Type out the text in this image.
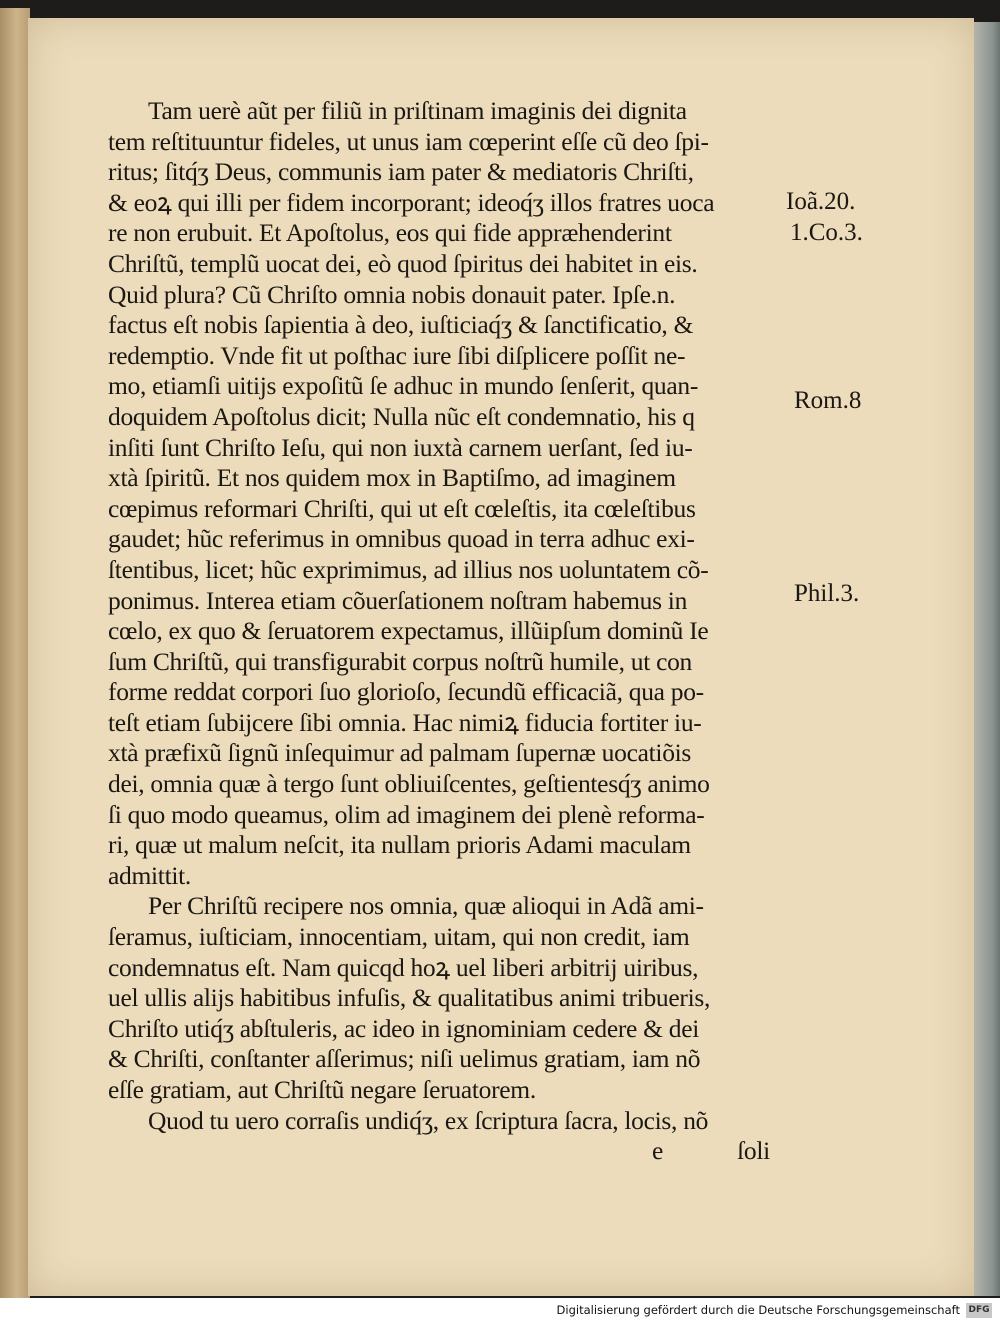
Tam uerè aũt per filiũ in priſtinam imaginis dei dignita
tem reſtituuntur fideles, ut unus iam cœperint eſſe cũ deo ſpi-
ritus; ſitq́ʒ Deus, communis iam pater & mediatoris Chriſti,
& eoꝝ qui illi per fidem incorporant; ideoq́ʒ illos fratres uoca
re non erubuit. Et Apoſtolus, eos qui fide appræhenderint
Chriſtũ, templũ uocat dei, eò quod ſpiritus dei habitet in eis.
Quid plura? Cũ Chriſto omnia nobis donauit pater. Ipſe.n.
factus eſt nobis ſapientia à deo, iuſticiaq́ʒ & ſanctificatio, &
redemptio. Vnde fit ut poſthac iure ſibi diſplicere poſſit ne-
mo, etiamſi uitijs expoſitũ ſe adhuc in mundo ſenſerit, quan-
doquidem Apoſtolus dicit; Nulla nũc eſt condemnatio, his q
inſiti ſunt Chriſto Ieſu, qui non iuxtà carnem uerſant, ſed iu-
xtà ſpiritũ. Et nos quidem mox in Baptiſmo, ad imaginem
cœpimus reformari Chriſti, qui ut eſt cœleſtis, ita cœleſtibus
gaudet; hũc referimus in omnibus quoad in terra adhuc exi-
ſtentibus, licet; hũc exprimimus, ad illius nos uoluntatem cõ-
ponimus. Interea etiam cõuerſationem noſtram habemus in
cœlo, ex quo & ſeruatorem expectamus, illũipſum dominũ Ie
ſum Chriſtũ, qui transfigurabit corpus noſtrũ humile, ut con
forme reddat corpori ſuo glorioſo, ſecundũ efficaciã, qua po-
teſt etiam ſubijcere ſibi omnia. Hac nimiꝝ fiducia fortiter iu-
xtà præfixũ ſignũ inſequimur ad palmam ſupernæ uocatiõis
dei, omnia quæ à tergo ſunt obliuiſcentes, geſtientesq́ʒ animo
ſi quo modo queamus, olim ad imaginem dei plenè reforma-
ri, quæ ut malum neſcit, ita nullam prioris Adami maculam
admittit.
Per Chriſtũ recipere nos omnia, quæ alioqui in Adã ami-
ſeramus, iuſticiam, innocentiam, uitam, qui non credit, iam
condemnatus eſt. Nam quicqd hoꝝ uel liberi arbitrij uiribus,
uel ullis alijs habitibus infuſis, & qualitatibus animi tribueris,
Chriſto utiq́ʒ abſtuleris, ac ideo in ignominiam cedere & dei
& Chriſti, conſtanter aſſerimus; niſi uelimus gratiam, iam nõ
eſſe gratiam, aut Chriſtũ negare ſeruatorem.
Quod tu uero corraſis undiq́ʒ, ex ſcriptura ſacra, locis, nõ
e ſoli
Ioã.20.
1.Co.3.
Rom.8
Phil.3.
Digitalisierung gefördert durch die Deutsche Forschungsgemeinschaft DFG
